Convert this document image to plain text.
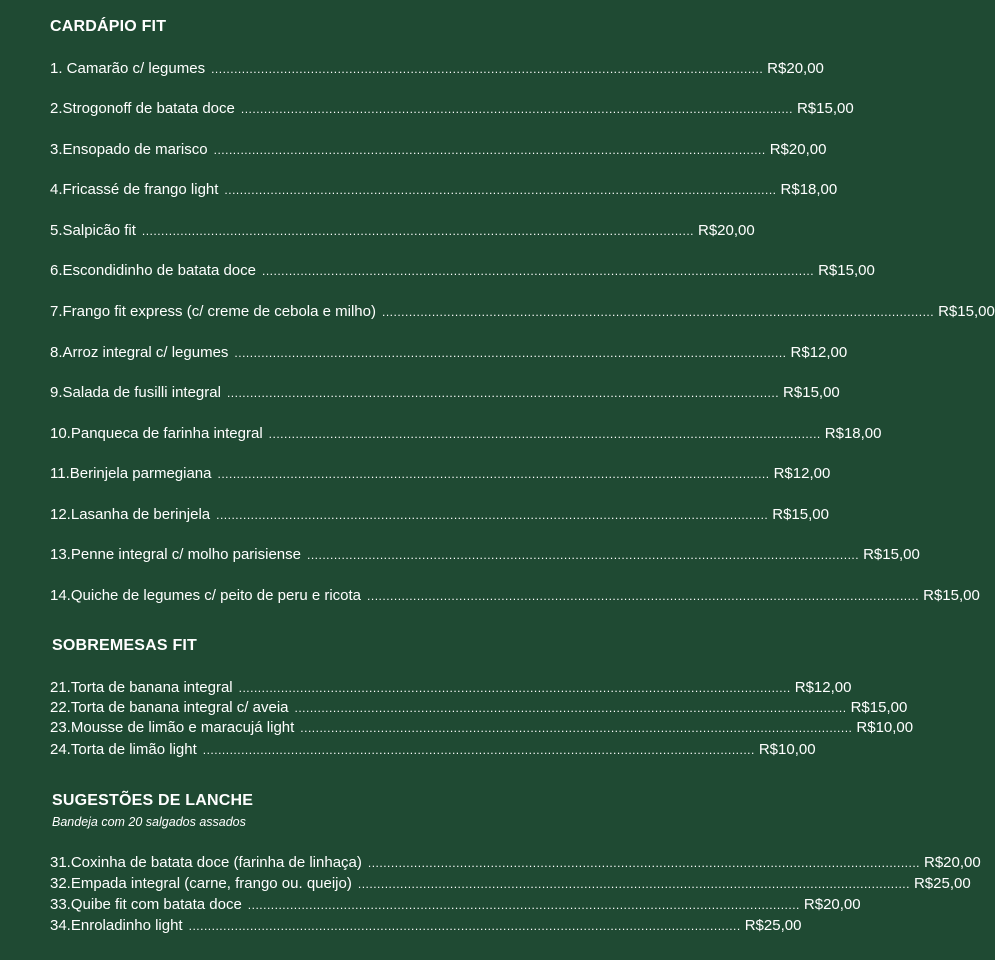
CARDÁPIO FIT
1. Camarão c/ legumes ................................................................................................................................................ R$20,00
2.Strogonoff de batata doce ................................................................................................................................................ R$15,00
3.Ensopado de marisco ................................................................................................................................................ R$20,00
4.Fricassé de frango light ................................................................................................................................................ R$18,00
5.Salpicão fit ................................................................................................................................................ R$20,00
6.Escondidinho de batata doce ................................................................................................................................................ R$15,00
7.Frango fit express (c/ creme de cebola e milho) ................................................................................................................................................ R$15,00
8.Arroz integral c/ legumes ................................................................................................................................................ R$12,00
9.Salada de fusilli integral ................................................................................................................................................ R$15,00
10.Panqueca de farinha integral ................................................................................................................................................ R$18,00
11.Berinjela parmegiana ................................................................................................................................................ R$12,00
12.Lasanha de berinjela ................................................................................................................................................ R$15,00
13.Penne integral c/ molho parisiense ................................................................................................................................................ R$15,00
14.Quiche de legumes c/ peito de peru e ricota ................................................................................................................................................ R$15,00
SOBREMESAS FIT
21.Torta de banana integral ................................................................................................................................................ R$12,00
22.Torta de banana integral c/ aveia ................................................................................................................................................ R$15,00
23.Mousse de limão e maracujá light ................................................................................................................................................ R$10,00
24.Torta de limão light ................................................................................................................................................ R$10,00
SUGESTÕES DE LANCHE
Bandeja com 20 salgados assados
31.Coxinha de batata doce (farinha de linhaça) ................................................................................................................................................ R$20,00
32.Empada integral (carne, frango ou. queijo) ................................................................................................................................................ R$25,00
33.Quibe fit com batata doce ................................................................................................................................................ R$20,00
34.Enroladinho light ................................................................................................................................................ R$25,00
